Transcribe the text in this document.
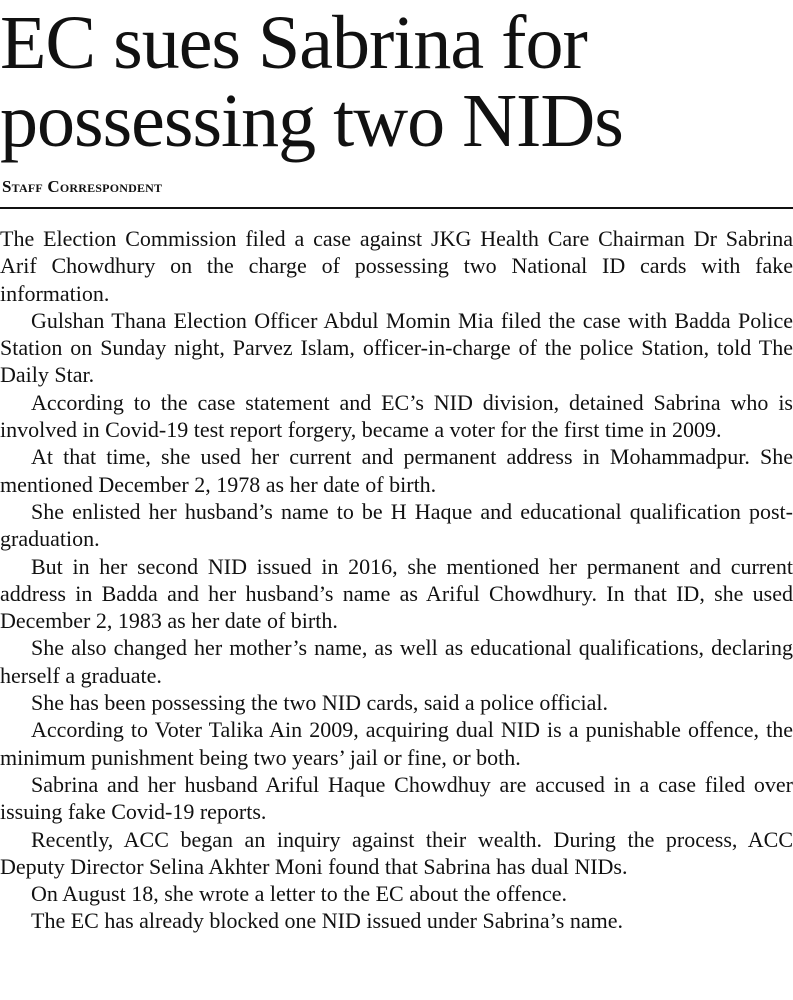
EC sues Sabrina for
possessing two NIDs
Staff Correspondent

The Election Commission filed a case against JKG Health Care Chairman Dr Sabrina Arif Chowdhury on the charge of possessing two National ID cards with fake information.

Gulshan Thana Election Officer Abdul Momin Mia filed the case with Badda Police Station on Sunday night, Parvez Islam, officer-in-charge of the police Station, told The Daily Star.

According to the case statement and EC’s NID division, detained Sabrina who is involved in Covid-19 test report forgery, became a voter for the first time in 2009.

At that time, she used her current and permanent address in Mohammadpur. She mentioned December 2, 1978 as her date of birth.

She enlisted her husband’s name to be H Haque and educational qualification post-graduation.

But in her second NID issued in 2016, she mentioned her permanent and current address in Badda and her husband’s name as Ariful Chowdhury. In that ID, she used December 2, 1983 as her date of birth.

She also changed her mother’s name, as well as educational qualifications, declaring herself a graduate.

She has been possessing the two NID cards, said a police official.

According to Voter Talika Ain 2009, acquiring dual NID is a punishable offence, the minimum punishment being two years’ jail or fine, or both.

Sabrina and her husband Ariful Haque Chowdhuy are accused in a case filed over issuing fake Covid-19 reports.

Recently, ACC began an inquiry against their wealth. During the process, ACC Deputy Director Selina Akhter Moni found that Sabrina has dual NIDs.

On August 18, she wrote a letter to the EC about the offence.

The EC has already blocked one NID issued under Sabrina’s name.
